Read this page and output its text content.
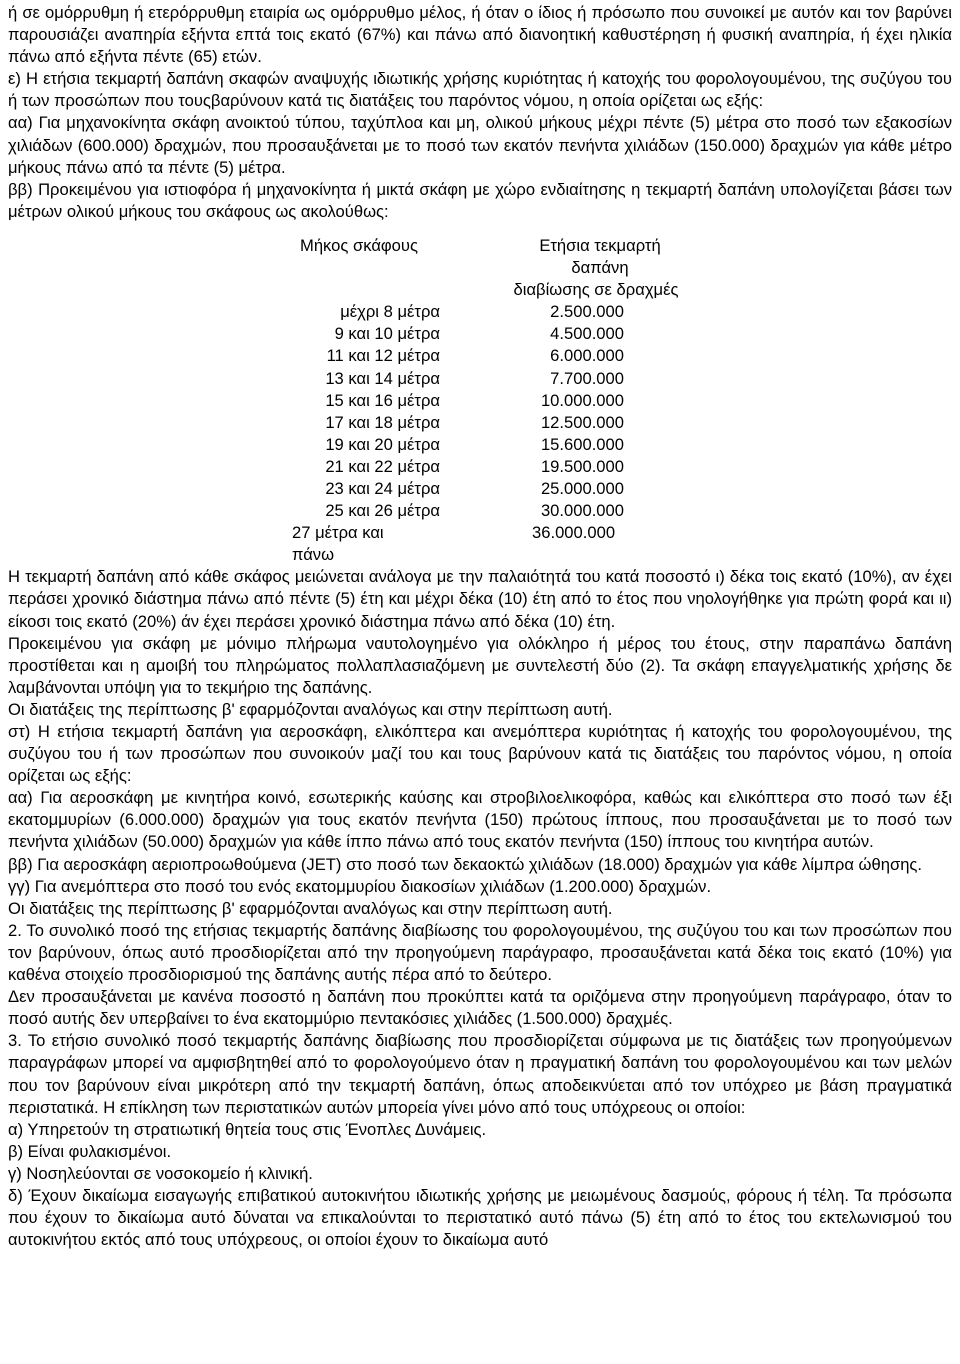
ή σε ομόρρυθμη ή ετερόρρυθμη εταιρία ως ομόρρυθμο μέλος, ή όταν ο ίδιος ή πρόσωπο που συνοικεί με αυτόν και τον βαρύνει παρουσιάζει αναπηρία εξήντα επτά τοις εκατό (67%) και πάνω από διανοητική καθυστέρηση ή φυσική αναπηρία, ή έχει ηλικία πάνω από εξήντα πέντε (65) ετών.

ε) Η ετήσια τεκμαρτή δαπάνη σκαφών αναψυχής ιδιωτικής χρήσης κυριότητας ή κατοχής του φορολογουμένου, της συζύγου του ή των προσώπων που τουςβαρύνουν κατά τις διατάξεις του παρόντος νόμου, η οποία ορίζεται ως εξής:

αα) Για μηχανοκίνητα σκάφη ανοικτού τύπου, ταχύπλοα και μη, ολικού μήκους μέχρι πέντε (5) μέτρα στο ποσό των εξακοσίων χιλιάδων (600.000) δραχμών, που προσαυξάνεται με το ποσό των εκατόν πενήντα χιλιάδων (150.000) δραχμών για κάθε μέτρο μήκους πάνω από τα πέντε (5) μέτρα.

ββ) Προκειμένου για ιστιοφόρα ή μηχανοκίνητα ή μικτά σκάφη με χώρο ενδιαίτησης η τεκμαρτή δαπάνη υπολογίζεται βάσει των μέτρων ολικού μήκους του σκάφους ως ακολούθως:

Μήκος σκάφους	Ετήσια τεκμαρτή
δαπάνη
διαβίωσης σε δραχμές
μέχρι 8 μέτρα	2.500.000
9 και 10 μέτρα	4.500.000
11 και 12 μέτρα	6.000.000
13 και 14 μέτρα	7.700.000
15 και 16 μέτρα	10.000.000
17 και 18 μέτρα	12.500.000
19 και 20 μέτρα	15.600.000
21 και 22 μέτρα	19.500.000
23 και 24 μέτρα	25.000.000
25 και 26 μέτρα	30.000.000
27 μέτρα και	36.000.000
πάνω

Η τεκμαρτή δαπάνη από κάθε σκάφος μειώνεται ανάλογα με την παλαιότητά του κατά ποσοστό ι) δέκα τοις εκατό (10%), αν έχει περάσει χρονικό διάστημα πάνω από πέντε (5) έτη και μέχρι δέκα (10) έτη από το έτος που νηολογήθηκε για πρώτη φορά και ιι) είκοσι τοις εκατό (20%) άν έχει περάσει χρονικό διάστημα πάνω από δέκα (10) έτη.

Προκειμένου για σκάφη με μόνιμο πλήρωμα ναυτολογημένο για ολόκληρο ή μέρος του έτους, στην παραπάνω δαπάνη προστίθεται και η αμοιβή του πληρώματος πολλαπλασιαζόμενη με συντελεστή δύο (2). Τα σκάφη επαγγελματικής χρήσης δε λαμβάνονται υπόψη για το τεκμήριο της δαπάνης.

Οι διατάξεις της περίπτωσης β' εφαρμόζονται αναλόγως και στην περίπτωση αυτή.

στ) Η ετήσια τεκμαρτή δαπάνη για αεροσκάφη, ελικόπτερα και ανεμόπτερα κυριότητας ή κατοχής του φορολογουμένου, της συζύγου του ή των προσώπων που συνοικούν μαζί του και τους βαρύνουν κατά τις διατάξεις του παρόντος νόμου, η οποία ορίζεται ως εξής:

αα) Για αεροσκάφη με κινητήρα κοινό, εσωτερικής καύσης και στροβιλοελικοφόρα, καθώς και ελικόπτερα στο ποσό των έξι εκατομμυρίων (6.000.000) δραχμών για τους εκατόν πενήντα (150) πρώτους ίππους, που προσαυξάνεται με το ποσό των πενήντα χιλιάδων (50.000) δραχμών για κάθε ίππο πάνω από τους εκατόν πενήντα (150) ίππους του κινητήρα αυτών.

ββ) Για αεροσκάφη αεριοπροωθούμενα (JET) στο ποσό των δεκαοκτώ χιλιάδων (18.000) δραχμών για κάθε λίμπρα ώθησης.

γγ) Για ανεμόπτερα στο ποσό του ενός εκατομμυρίου διακοσίων χιλιάδων (1.200.000) δραχμών.

Οι διατάξεις της περίπτωσης β' εφαρμόζονται αναλόγως και στην περίπτωση αυτή.

2. Το συνολικό ποσό της ετήσιας τεκμαρτής δαπάνης διαβίωσης του φορολογουμένου, της συζύγου του και των προσώπων που τον βαρύνουν, όπως αυτό προσδιορίζεται από την προηγούμενη παράγραφο, προσαυξάνεται κατά δέκα τοις εκατό (10%) για καθένα στοιχείο προσδιορισμού της δαπάνης αυτής πέρα από το δεύτερο.

Δεν προσαυξάνεται με κανένα ποσοστό η δαπάνη που προκύπτει κατά τα οριζόμενα στην προηγούμενη παράγραφο, όταν το ποσό αυτής δεν υπερβαίνει το ένα εκατομμύριο πεντακόσιες χιλιάδες (1.500.000) δραχμές.

3. Το ετήσιο συνολικό ποσό τεκμαρτής δαπάνης διαβίωσης που προσδιορίζεται σύμφωνα με τις διατάξεις των προηγούμενων παραγράφων μπορεί να αμφισβητηθεί από το φορολογούμενο όταν η πραγματική δαπάνη του φορολογουμένου και των μελών που τον βαρύνουν είναι μικρότερη από την τεκμαρτή δαπάνη, όπως αποδεικνύεται από τον υπόχρεο με βάση πραγματικά περιστατικά. Η επίκληση των περιστατικών αυτών μπορεία γίνει μόνο από τους υπόχρεους οι οποίοι:

α) Υπηρετούν τη στρατιωτική θητεία τους στις Ένοπλες Δυνάμεις.

β) Είναι φυλακισμένοι.

γ) Νοσηλεύονται σε νοσοκομείο ή κλινική.

δ) Έχουν δικαίωμα εισαγωγής επιβατικού αυτοκινήτου ιδιωτικής χρήσης με μειωμένους δασμούς, φόρους ή τέλη. Τα πρόσωπα που έχουν το δικαίωμα αυτό δύναται να επικαλούνται το περιστατικό αυτό πάνω (5) έτη από το έτος του εκτελωνισμού του αυτοκινήτου εκτός από τους υπόχρεους, οι οποίοι έχουν το δικαίωμα αυτό
